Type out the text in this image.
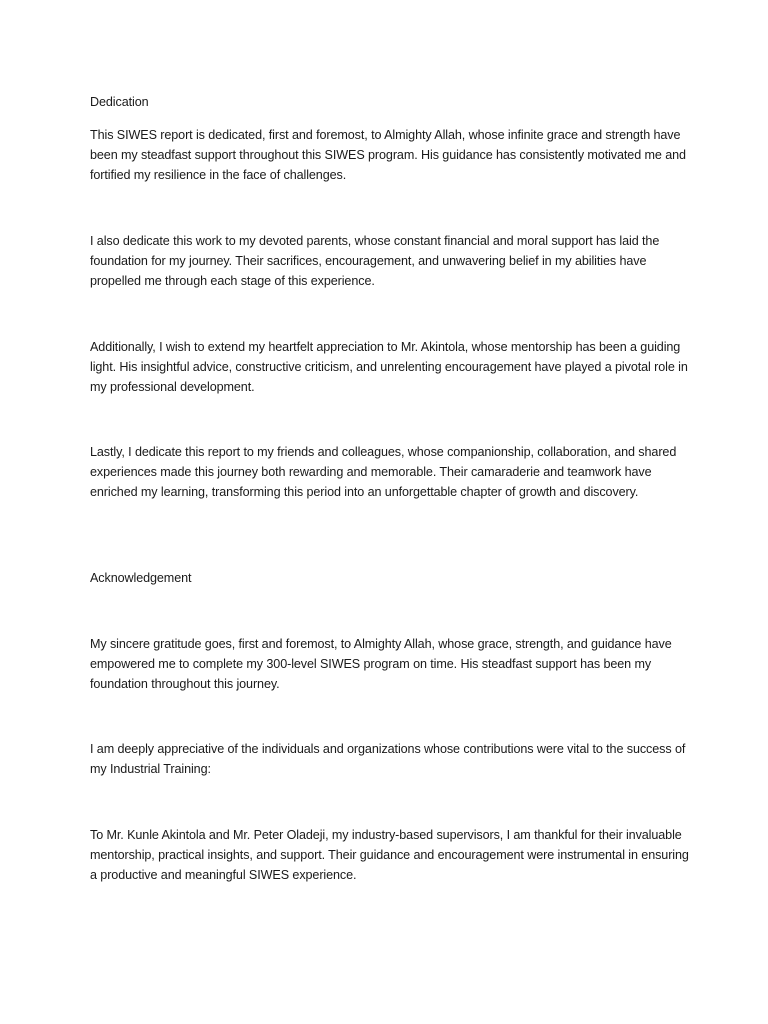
Dedication

This SIWES report is dedicated, first and foremost, to Almighty Allah, whose infinite grace and strength have been my steadfast support throughout this SIWES program. His guidance has consistently motivated me and fortified my resilience in the face of challenges.

I also dedicate this work to my devoted parents, whose constant financial and moral support has laid the foundation for my journey. Their sacrifices, encouragement, and unwavering belief in my abilities have propelled me through each stage of this experience.

Additionally, I wish to extend my heartfelt appreciation to Mr. Akintola, whose mentorship has been a guiding light. His insightful advice, constructive criticism, and unrelenting encouragement have played a pivotal role in my professional development.

Lastly, I dedicate this report to my friends and colleagues, whose companionship, collaboration, and shared experiences made this journey both rewarding and memorable. Their camaraderie and teamwork have enriched my learning, transforming this period into an unforgettable chapter of growth and discovery.

Acknowledgement

My sincere gratitude goes, first and foremost, to Almighty Allah, whose grace, strength, and guidance have empowered me to complete my 300-level SIWES program on time. His steadfast support has been my foundation throughout this journey.

I am deeply appreciative of the individuals and organizations whose contributions were vital to the success of my Industrial Training:

To Mr. Kunle Akintola and Mr. Peter Oladeji, my industry-based supervisors, I am thankful for their invaluable mentorship, practical insights, and support. Their guidance and encouragement were instrumental in ensuring a productive and meaningful SIWES experience.
